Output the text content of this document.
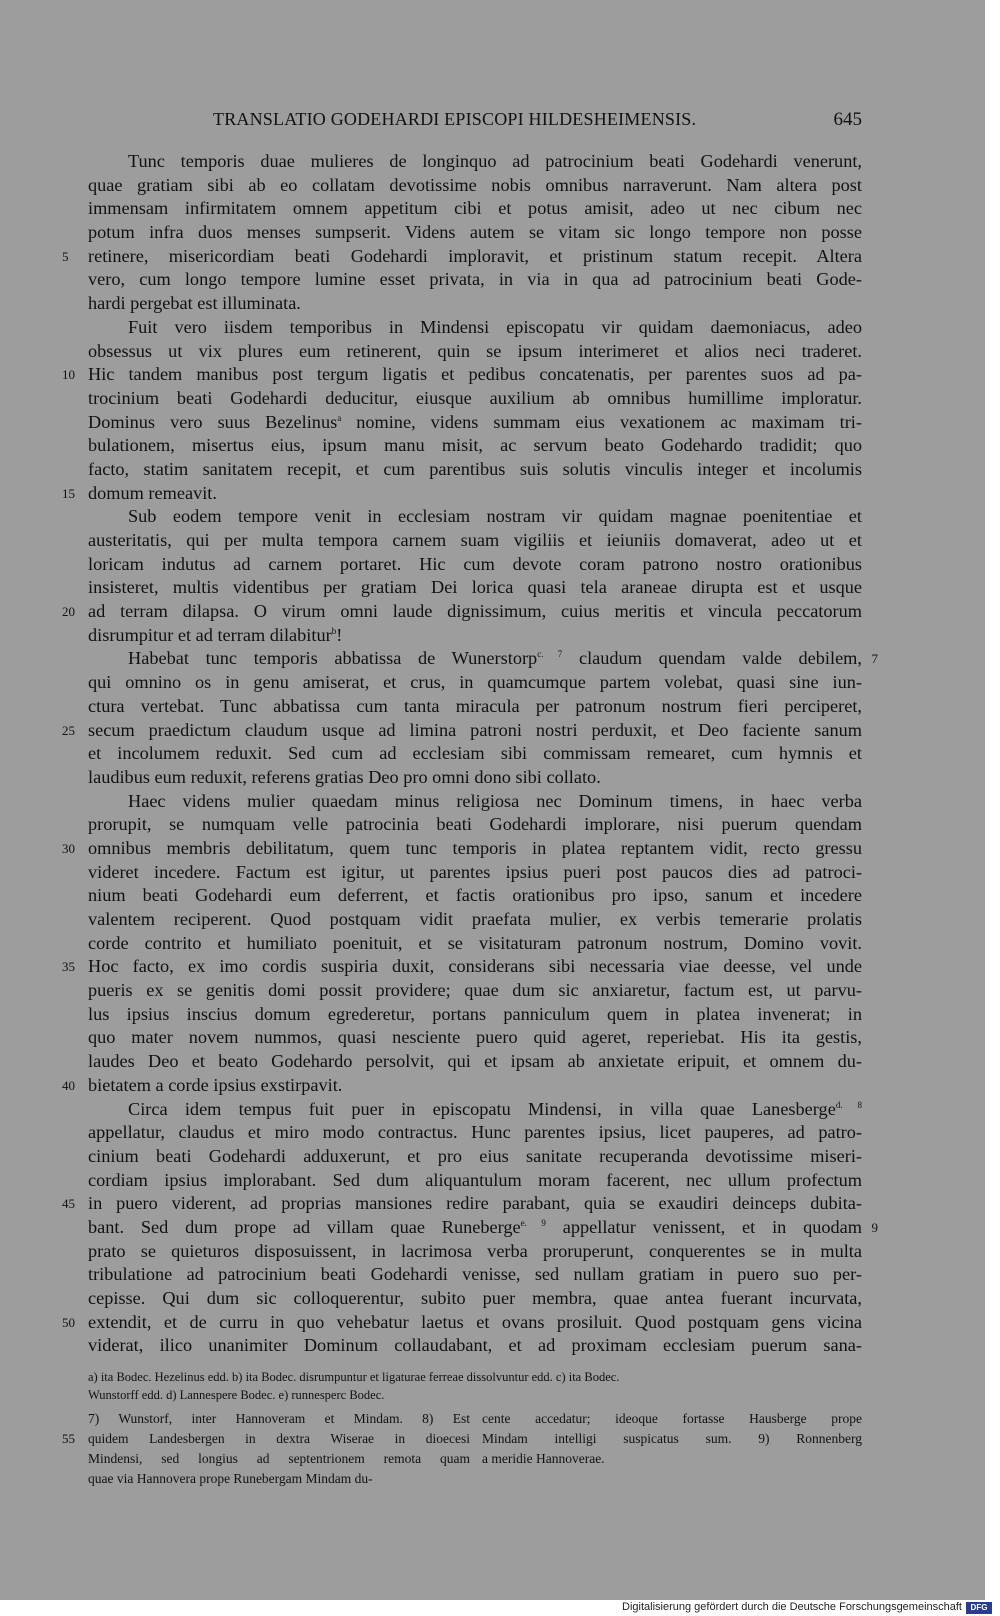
TRANSLATIO GODEHARDI EPISCOPI HILDESHEIMENSIS.	645
Tunc temporis duae mulieres de longinquo ad patrocinium beati Godehardi venerunt,
quae gratiam sibi ab eo collatam devotissime nobis omnibus narraverunt. Nam altera post
immensam infirmitatem omnem appetitum cibi et potus amisit, adeo ut nec cibum nec
potum infra duos menses sumpserit. Videns autem se vitam sic longo tempore non posse
5	retinere, misericordiam beati Godehardi imploravit, et pristinum statum recepit. Altera
vero, cum longo tempore lumine esset privata, in via in qua ad patrocinium beati Gode-
hardi pergebat est illuminata.
Fuit vero iisdem temporibus in Mindensi episcopatu vir quidam daemoniacus, adeo
obsessus ut vix plures eum retinerent, quin se ipsum interimeret et alios neci traderet.
10 Hic tandem manibus post tergum ligatis et pedibus concatenatis, per parentes suos ad pa-
trocinium beati Godehardi deducitur, eiusque auxilium ab omnibus humillime imploratur.
Dominus vero suus Bezelinus$^a$ nomine, videns summam eius vexationem ac maximam tri-
bulationem, misertus eius, ipsum manu misit, ac servum beato Godehardo tradidit; quo
facto, statim sanitatem recepit, et cum parentibus suis solutis vinculis integer et incolumis
15 domum remeavit.
Sub eodem tempore venit in ecclesiam nostram vir quidam magnae poenitentiae et
austeritatis, qui per multa tempora carnem suam vigiliis et ieiuniis domaverat, adeo ut et
loricam indutus ad carnem portaret. Hic cum devote coram patrono nostro orationibus
insisteret, multis videntibus per gratiam Dei lorica quasi tela araneae dirupta est et usque
20 ad terram dilapsa. O virum omni laude dignissimum, cuius meritis et vincula peccatorum
disrumpitur et ad terram dilabitur$^b$!
Habebat tunc temporis abbatissa de Wunerstorp$^{c. 7}$ claudum quendam valde debilem, 7
qui omnino os in genu amiserat, et crus, in quamcumque partem volebat, quasi sine iun-
ctura vertebat. Tunc abbatissa cum tanta miracula per patronum nostrum fieri perciperet,
25 secum praedictum claudum usque ad limina patroni nostri perduxit, et Deo faciente sanum
et incolumem reduxit. Sed cum ad ecclesiam sibi commissam remearet, cum hymnis et
laudibus eum reduxit, referens gratias Deo pro omni dono sibi collato.
Haec videns mulier quaedam minus religiosa nec Dominum timens, in haec verba
prorupit, se numquam velle patrocinia beati Godehardi implorare, nisi puerum quendam
30 omnibus membris debilitatum, quem tunc temporis in platea reptantem vidit, recto gressu
videret incedere. Factum est igitur, ut parentes ipsius pueri post paucos dies ad patroci-
nium beati Godehardi eum deferrent, et factis orationibus pro ipso, sanum et incedere
valentem reciperent. Quod postquam vidit praefata mulier, ex verbis temerarie prolatis
corde contrito et humiliato poenituit, et se visitaturam patronum nostrum, Domino vovit.
35 Hoc facto, ex imo cordis suspiria duxit, considerans sibi necessaria viae deesse, vel unde
pueris ex se genitis domi possit providere; quae dum sic anxiaretur, factum est, ut parvu-
lus ipsius inscius domum egrederetur, portans panniculum quem in platea invenerat; in
quo mater novem nummos, quasi nesciente puero quid ageret, reperiebat. His ita gestis,
laudes Deo et beato Godehardo persolvit, qui et ipsam ab anxietate eripuit, et omnem du-
40 bietatem a corde ipsius exstirpavit.
Circa idem tempus fuit puer in episcopatu Mindensi, in villa quae Lanesberge$^{d. 8}$
appellatur, claudus et miro modo contractus. Hunc parentes ipsius, licet pauperes, ad patro-
cinium beati Godehardi adduxerunt, et pro eius sanitate recuperanda devotissime miseri-
cordiam ipsius implorabant. Sed dum aliquantulum moram facerent, nec ullum profectum
45 in puero viderent, ad proprias mansiones redire parabant, quia se exaudiri deinceps dubita-
bant. Sed dum prope ad villam quae Runeberge$^{e. 9}$ appellatur venissent, et in quodam 9
prato se quieturos disposuissent, in lacrimosa verba proruperunt, conquerentes se in multa
tribulatione ad patrocinium beati Godehardi venisse, sed nullam gratiam in puero suo per-
cepisse. Qui dum sic colloquerentur, subito puer membra, quae antea fuerant incurvata,
50 extendit, et de curru in quo vehebatur laetus et ovans prosiluit. Quod postquam gens vicina
viderat, ilico unanimiter Dominum collaudabant, et ad proximam ecclesiam puerum sana-
a) ita Bodec. Hezelinus edd. b) ita Bodec. disrumpuntur et ligaturae ferreae dissolvuntur edd. c) ita Bodec.
Wunstorff edd. d) Lannespere Bodec. e) runnesperc Bodec.
7) Wunstorf, inter Hannoveram et Mindam. 8) Est
55 quidem Landesbergen in dextra Wiserae in dioecesi
Mindensi, sed longius ad septentrionem remota quam
quae via Hannovera prope Runebergam Mindam du-
cente accedatur; ideoque fortasse Hausberge prope
Mindam intelligi suspicatus sum. 9) Ronnenberg
a meridie Hannoverae.
Digitalisierung gefördert durch die Deutsche Forschungsgemeinschaft	DFG
